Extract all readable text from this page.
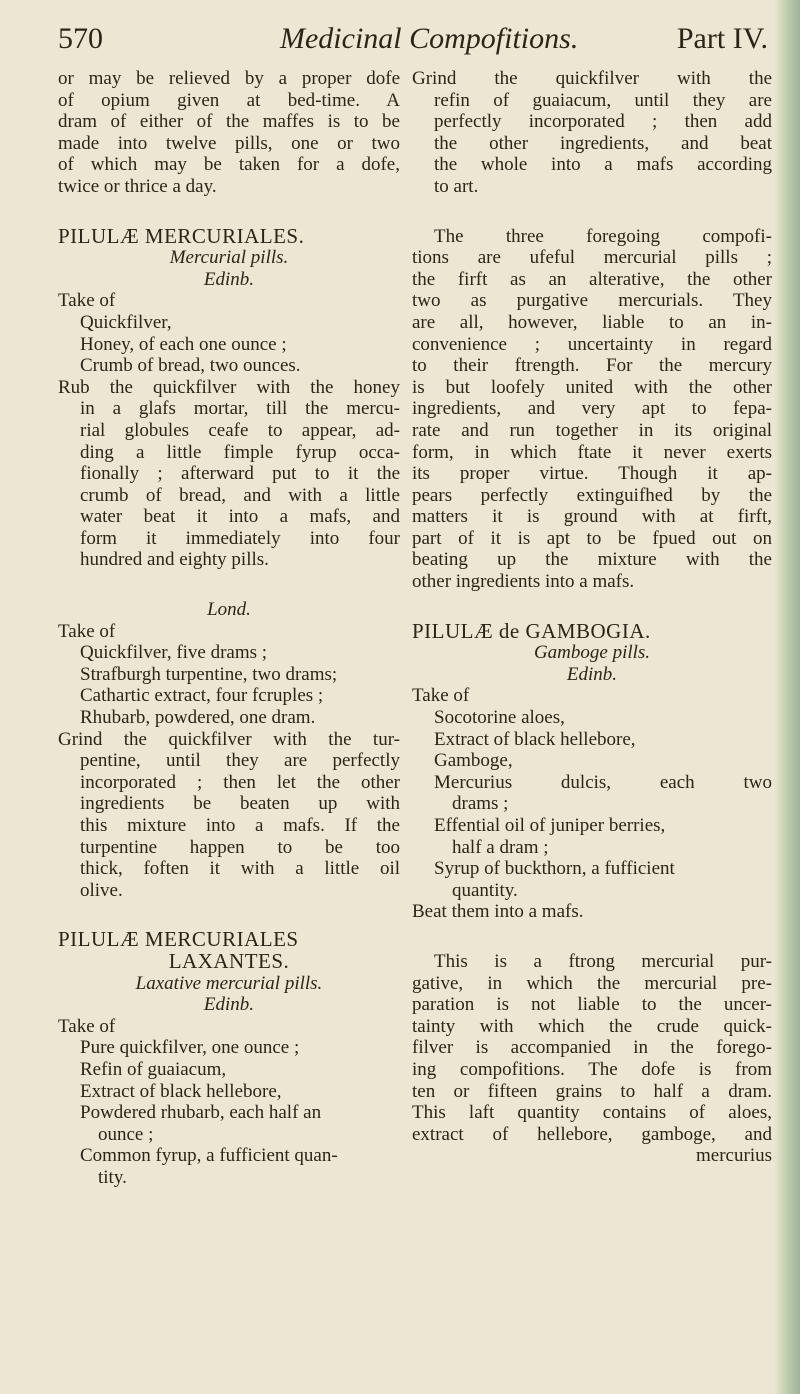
570	Medicinal Compofitions.	Part IV.
or may be relieved by a proper dofe
of opium given at bed-time. A
dram of either of the maffes is to be
made into twelve pills, one or two
of which may be taken for a dofe,
twice or thrice a day.
PILULÆ MERCURIALES.
Mercurial pills.
Edinb.
Take of
Quickfilver,
Honey, of each one ounce ;
Crumb of bread, two ounces.
Rub the quickfilver with the honey
in a glafs mortar, till the mercu-
rial globules ceafe to appear, ad-
ding a little fimple fyrup occa-
fionally ; afterward put to it the
crumb of bread, and with a little
water beat it into a mafs, and
form it immediately into four
hundred and eighty pills.
Lond.
Take of
Quickfilver, five drams ;
Strafburgh turpentine, two drams;
Cathartic extract, four fcruples ;
Rhubarb, powdered, one dram.
Grind the quickfilver with the tur-
pentine, until they are perfectly
incorporated ; then let the other
ingredients be beaten up with
this mixture into a mafs. If the
turpentine happen to be too
thick, foften it with a little oil
olive.
PILULÆ MERCURIALES
LAXANTES.
Laxative mercurial pills.
Edinb.
Take of
Pure quickfilver, one ounce ;
Refin of guaiacum,
Extract of black hellebore,
Powdered rhubarb, each half an
ounce ;
Common fyrup, a fufficient quan-
tity.
Grind the quickfilver with the
refin of guaiacum, until they are
perfectly incorporated ; then add
the other ingredients, and beat
the whole into a mafs according
to art.
The three foregoing compofi-
tions are ufeful mercurial pills ;
the firft as an alterative, the other
two as purgative mercurials. They
are all, however, liable to an in-
convenience ; uncertainty in regard
to their ftrength. For the mercury
is but loofely united with the other
ingredients, and very apt to fepa-
rate and run together in its original
form, in which ftate it never exerts
its proper virtue. Though it ap-
pears perfectly extinguifhed by the
matters it is ground with at firft,
part of it is apt to be fpued out on
beating up the mixture with the
other ingredients into a mafs.
PILULÆ de GAMBOGIA.
Gamboge pills.
Edinb.
Take of
Socotorine aloes,
Extract of black hellebore,
Gamboge,
Mercurius dulcis, each two
drams ;
Effential oil of juniper berries,
half a dram ;
Syrup of buckthorn, a fufficient
quantity.
Beat them into a mafs.
This is a ftrong mercurial pur-
gative, in which the mercurial pre-
paration is not liable to the uncer-
tainty with which the crude quick-
filver is accompanied in the forego-
ing compofitions. The dofe is from
ten or fifteen grains to half a dram.
This laft quantity contains of aloes,
extract of hellebore, gamboge, and
mercurius
